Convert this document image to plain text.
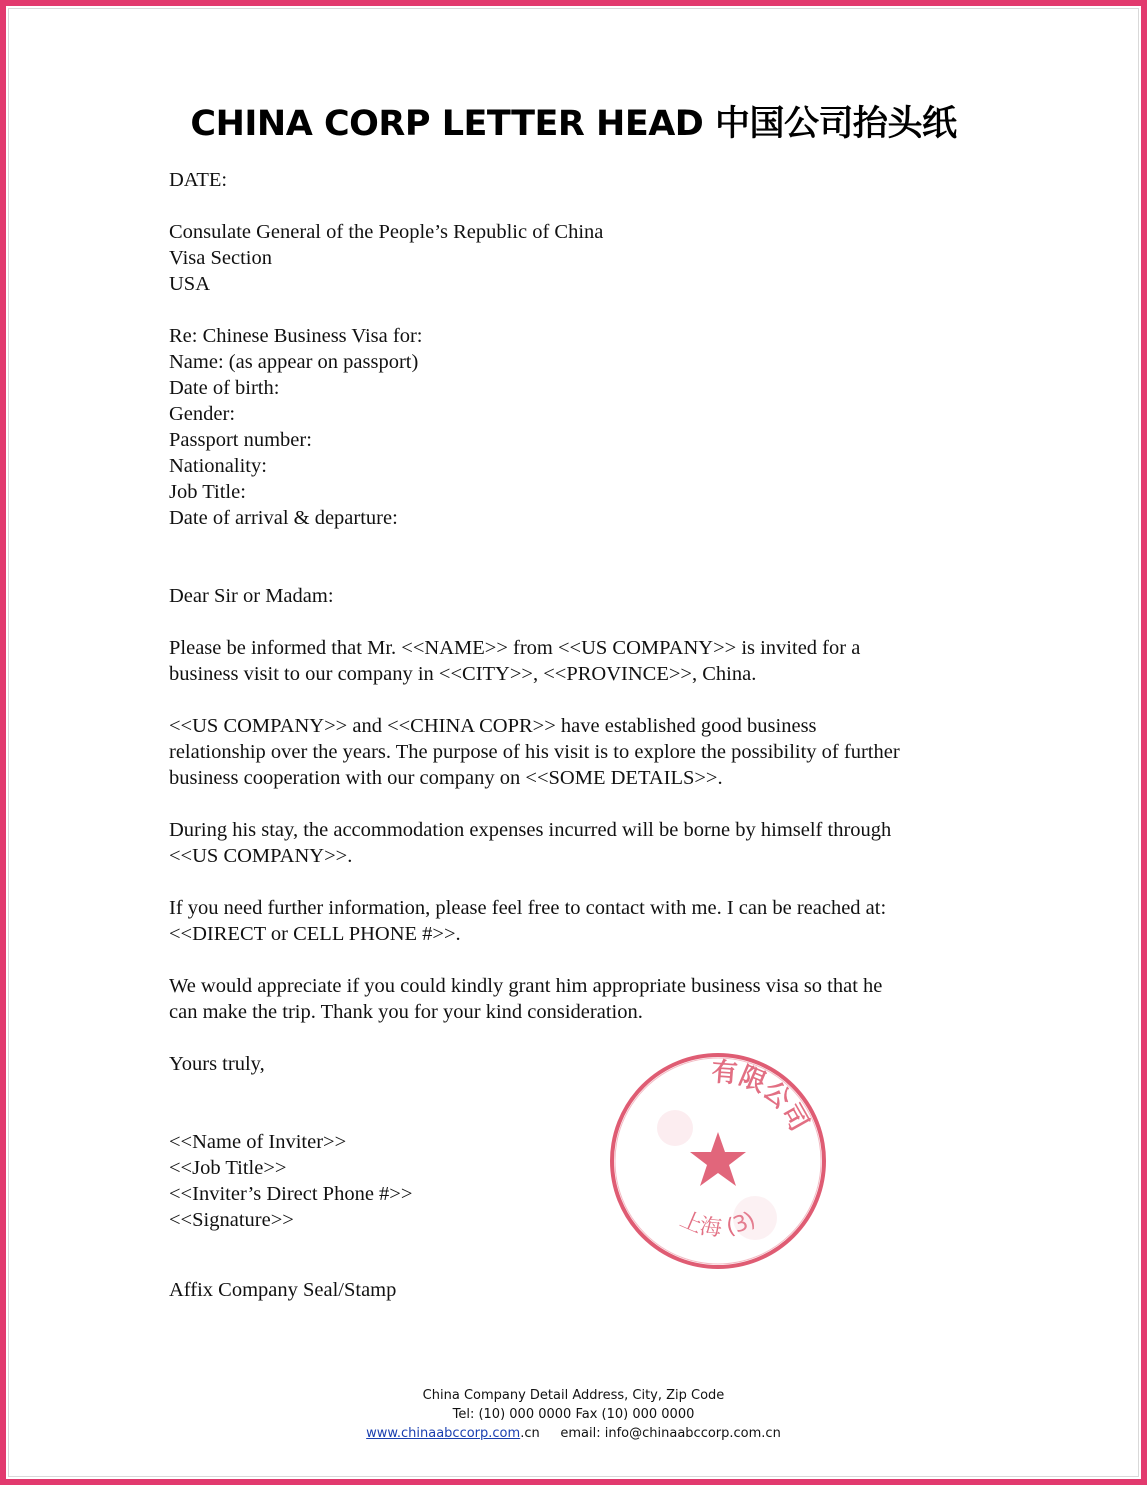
CHINA CORP LETTER HEAD 中国公司抬头纸
DATE:
Consulate General of the People’s Republic of China
Visa Section
USA
Re: Chinese Business Visa for:
Name: (as appear on passport)
Date of birth:
Gender:
Passport number:
Nationality:
Job Title:
Date of arrival & departure:
Dear Sir or Madam:
Please be informed that Mr. <<NAME>> from <<US COMPANY>> is invited for a
business visit to our company in <<CITY>>, <<PROVINCE>>, China.
<<US COMPANY>> and <<CHINA COPR>> have established good business
relationship over the years. The purpose of his visit is to explore the possibility of further
business cooperation with our company on <<SOME DETAILS>>.
During his stay, the accommodation expenses incurred will be borne by himself through
<<US COMPANY>>.
If you need further information, please feel free to contact with me. I can be reached at:
<<DIRECT or CELL PHONE #>>.
We would appreciate if you could kindly grant him appropriate business visa so that he
can make the trip. Thank you for your kind consideration.
Yours truly,
<<Name of Inviter>>
<<Job Title>>
<<Inviter’s Direct Phone #>>
<<Signature>>
Affix Company Seal/Stamp
有限公司
上海 (3)
China Company Detail Address, City, Zip Code
Tel: (10) 000 0000 Fax (10) 000 0000
www.chinaabccorp.com.cn email: info@chinaabccorp.com.cn
